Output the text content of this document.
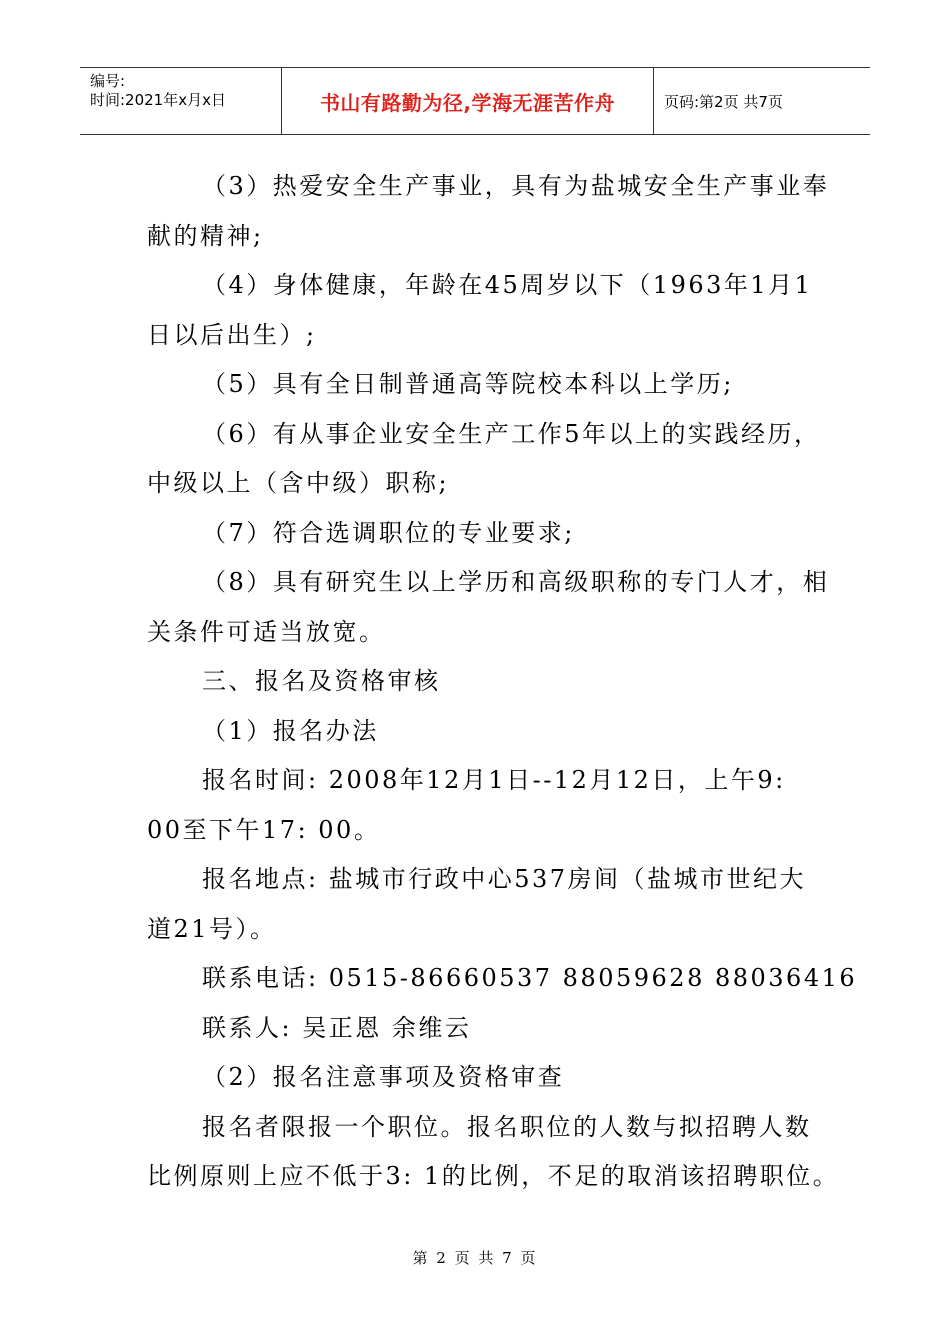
编号:
时间:2021年x月x日	书山有路勤为径,学海无涯苦作舟	页码:第2页 共7页
（3）热爱安全生产事业，具有为盐城安全生产事业奉
献的精神;
（4）身体健康，年龄在45周岁以下（1963年1月1
日以后出生）;
（5）具有全日制普通高等院校本科以上学历;
（6）有从事企业安全生产工作5年以上的实践经历，
中级以上（含中级）职称;
（7）符合选调职位的专业要求;
（8）具有研究生以上学历和高级职称的专门人才，相
关条件可适当放宽。
三、报名及资格审核
（1）报名办法
报名时间: 2008年12月1日--12月12日，上午9:
00至下午17: 00。
报名地点: 盐城市行政中心537房间（盐城市世纪大
道21号）。
联系电话: 0515-86660537 88059628 88036416
联系人: 吴正恩 余维云
（2）报名注意事项及资格审查
报名者限报一个职位。报名职位的人数与拟招聘人数
比例原则上应不低于3: 1的比例，不足的取消该招聘职位。
第 2 页 共 7 页
